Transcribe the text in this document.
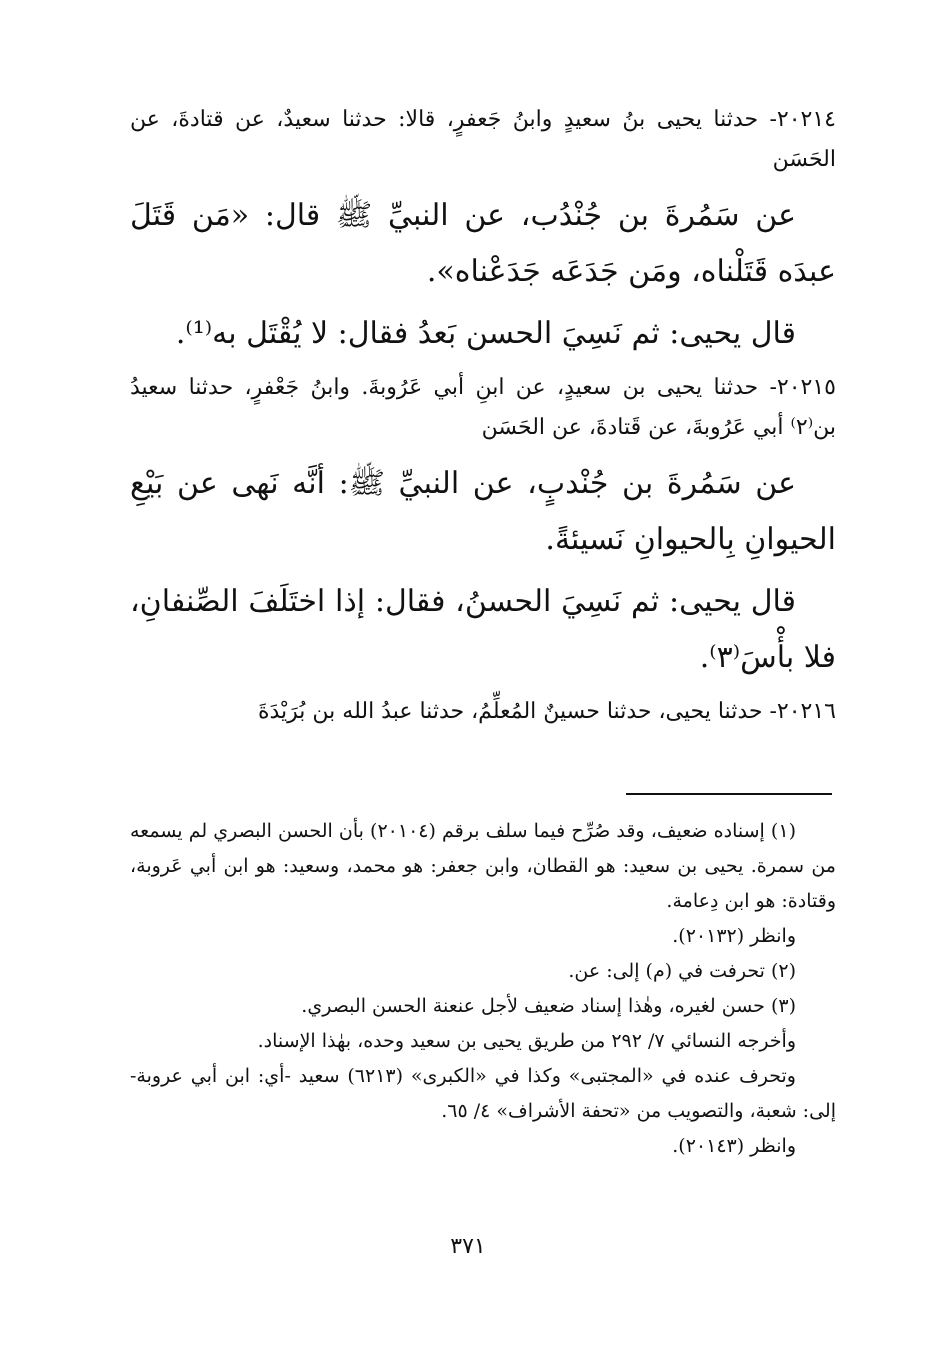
٢٠٢١٤- حدثنا يحيى بنُ سعيدٍ وابنُ جَعفرٍ، قالا: حدثنا سعيدٌ، عن قتادةَ، عن الحَسَن

عن سَمُرةَ بن جُنْدُب، عن النبيِّ ﷺ قال: «مَن قَتَلَ عبدَه قَتَلْناه، ومَن جَدَعَه جَدَعْناه».

قال يحيى: ثم نَسِيَ الحسن بَعدُ فقال: لا يُقْتَل به⁽¹⁾.

٢٠٢١٥- حدثنا يحيى بن سعيدٍ، عن ابنِ أبي عَرُوبةَ. وابنُ جَعْفرٍ، حدثنا سعيدُ بن⁽٢⁾ أبي عَرُوبةَ، عن قَتادةَ، عن الحَسَن

عن سَمُرةَ بن جُنْدبٍ، عن النبيِّ ﷺ: أنَّه نَهى عن بَيْعِ الحيوانِ بِالحيوانِ نَسيئةً.

قال يحيى: ثم نَسِيَ الحسنُ، فقال: إذا اختَلَفَ الصِّنفانِ، فلا بأْسَ⁽٣⁾.

٢٠٢١٦- حدثنا يحيى، حدثنا حسينٌ المُعلِّمُ، حدثنا عبدُ الله بن بُرَيْدَةَ

(١) إسناده ضعيف، وقد صُرِّح فيما سلف برقم (٢٠١٠٤) بأن الحسن البصري لم يسمعه من سمرة. يحيى بن سعيد: هو القطان، وابن جعفر: هو محمد، وسعيد: هو ابن أبي عَروبة، وقتادة: هو ابن دِعامة.

وانظر (٢٠١٣٢).

(٢) تحرفت في (م) إلى: عن.

(٣) حسن لغيره، وهٰذا إسناد ضعيف لأجل عنعنة الحسن البصري.

وأخرجه النسائي ٧/ ٢٩٢ من طريق يحيى بن سعيد وحده، بهٰذا الإسناد.

وتحرف عنده في «المجتبى» وكذا في «الكبرى» (٦٢١٣) سعيد -أي: ابن أبي عروبة- إلى: شعبة، والتصويب من «تحفة الأشراف» ٤/ ٦٥.

وانظر (٢٠١٤٣).

٣٧١
